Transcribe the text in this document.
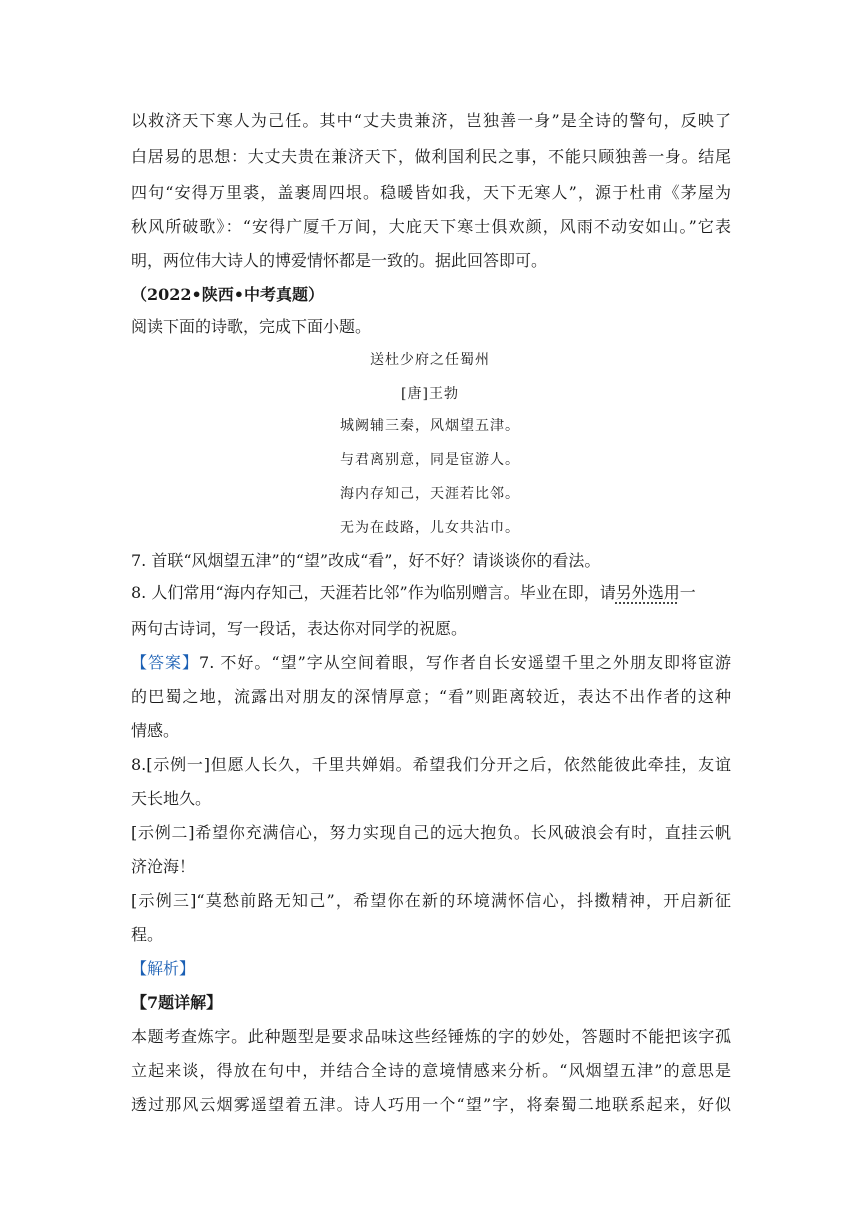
以救济天下寒人为己任。其中“丈夫贵兼济，岂独善一身”是全诗的警句，反映了
白居易的思想：大丈夫贵在兼济天下，做利国利民之事，不能只顾独善一身。结尾
四句“安得万里裘，盖裹周四垠。稳暖皆如我，天下无寒人”，源于杜甫《茅屋为
秋风所破歌》：“安得广厦千万间，大庇天下寒士俱欢颜，风雨不动安如山。”它表
明，两位伟大诗人的博爱情怀都是一致的。据此回答即可。
（2022•陕西•中考真题）
阅读下面的诗歌，完成下面小题。
送杜少府之任蜀州
[唐]王勃
城阙辅三秦，风烟望五津。
与君离别意，同是宦游人。
海内存知己，天涯若比邻。
无为在歧路，儿女共沾巾。
7. 首联“风烟望五津”的“望”改成“看”，好不好？请谈谈你的看法。
8. 人们常用“海内存知己，天涯若比邻”作为临别赠言。毕业在即，请另外选用一
两句古诗词，写一段话，表达你对同学的祝愿。
【答案】7. 不好。“望”字从空间着眼，写作者自长安遥望千里之外朋友即将宦游
的巴蜀之地，流露出对朋友的深情厚意；“看”则距离较近，表达不出作者的这种
情感。
8.[示例一]但愿人长久，千里共婵娟。希望我们分开之后，依然能彼此牵挂，友谊
天长地久。
[示例二]希望你充满信心，努力实现自己的远大抱负。长风破浪会有时，直挂云帆
济沧海！
[示例三]“莫愁前路无知己”，希望你在新的环境满怀信心，抖擞精神，开启新征
程。
【解析】
【7题详解】
本题考查炼字。此种题型是要求品味这些经锤炼的字的妙处，答题时不能把该字孤
立起来谈，得放在句中，并结合全诗的意境情感来分析。“风烟望五津”的意思是
透过那风云烟雾遥望着五津。诗人巧用一个“望”字，将秦蜀二地联系起来，好似
